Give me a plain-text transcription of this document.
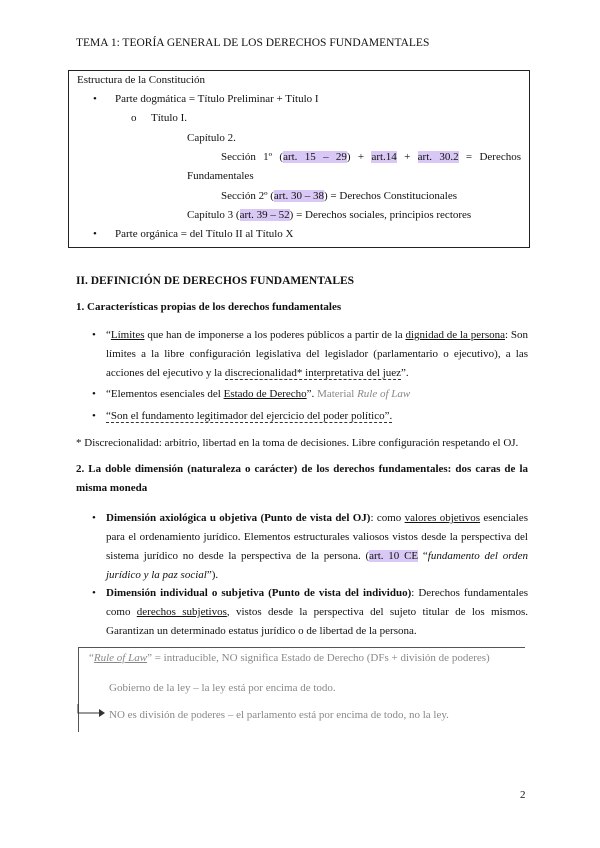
TEMA 1: TEORÍA GENERAL DE LOS DERECHOS FUNDAMENTALES
Estructura de la Constitución
• Parte dogmática = Título Preliminar + Título I
o Título I.
Capítulo 2.
Sección 1º (art. 15 – 29) + art.14 + art. 30.2 = Derechos
Fundamentales
Sección 2º (art. 30 – 38) = Derechos Constitucionales
Capítulo 3 (art. 39 – 52) = Derechos sociales, principios rectores
• Parte orgánica = del Título II al Título X
II. DEFINICIÓN DE DERECHOS FUNDAMENTALES
1. Características propias de los derechos fundamentales
• “Límites que han de imponerse a los poderes públicos a partir de la dignidad de la persona: Son límites a la libre configuración legislativa del legislador (parlamentario o ejecutivo), a las acciones del ejecutivo y la discrecionalidad* interpretativa del juez”.

• “Elementos esenciales del Estado de Derecho”. Material Rule of Law

• “Son el fundamento legitimador del ejercicio del poder político”.

* Discrecionalidad: arbitrio, libertad en la toma de decisiones. Libre configuración respetando el OJ.

2. La doble dimensión (naturaleza o carácter) de los derechos fundamentales: dos caras de la misma moneda

• Dimensión axiológica u objetiva (Punto de vista del OJ): como valores objetivos esenciales para el ordenamiento jurídico. Elementos estructurales valiosos vistos desde la perspectiva del sistema jurídico no desde la perspectiva de la persona. (art. 10 CE “fundamento del orden jurídico y la paz social”).

• Dimensión individual o subjetiva (Punto de vista del individuo): Derechos fundamentales como derechos subjetivos, vistos desde la perspectiva del sujeto titular de los mismos. Garantizan un determinado estatus jurídico o de libertad de la persona.

“Rule of Law” = intraducible, NO significa Estado de Derecho (DFs + división de poderes)
Gobierno de la ley – la ley está por encima de todo.
NO es división de poderes – el parlamento está por encima de todo, no la ley.
2
